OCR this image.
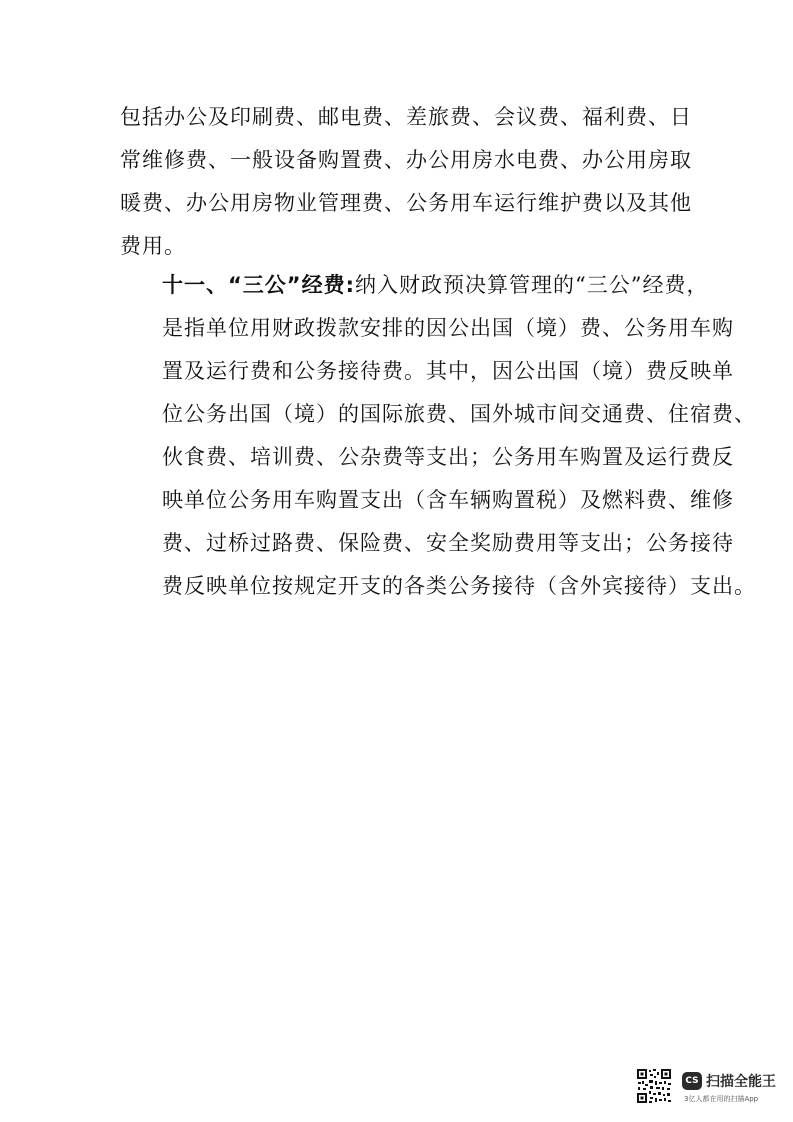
包括办公及印刷费、邮电费、差旅费、会议费、福利费、日
常维修费、一般设备购置费、办公用房水电费、办公用房取
暖费、办公用房物业管理费、公务用车运行维护费以及其他
费用。

十一、“三公”经费:纳入财政预决算管理的“三公”经费，
是指单位用财政拨款安排的因公出国（境）费、公务用车购
置及运行费和公务接待费。其中，因公出国（境）费反映单
位公务出国（境）的国际旅费、国外城市间交通费、住宿费、
伙食费、培训费、公杂费等支出；公务用车购置及运行费反
映单位公务用车购置支出（含车辆购置税）及燃料费、维修
费、过桥过路费、保险费、安全奖励费用等支出；公务接待
费反映单位按规定开支的各类公务接待（含外宾接待）支出。

CS 扫描全能王
3亿人都在用的扫描App
